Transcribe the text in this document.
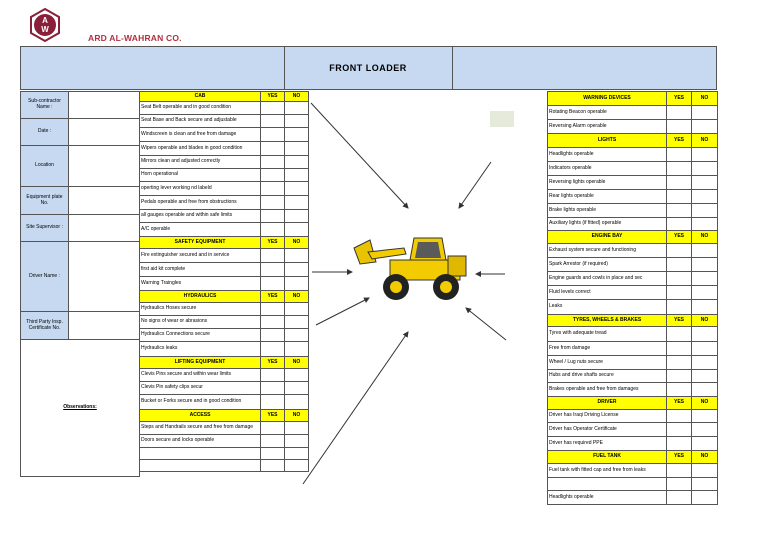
A
W
ARD AL-WAHRAN CO.
FRONT LOADER
Sub-contractor Name :	
Date :	
Location	
Equipment plate No.	
Site Supervisor :	
Driver Name :	
Third Party Insp. Certificate No.	
Observations:	
CAB	YES	NO
Seat Belt operable and in good condition		
Seat Base and Back secure and adjustable		
Windscreen is clean and free from damage		
Wipers operable and blades in good condition		
Mirrors clean and adjusted correctly		
Horn operational		
operting lever working nd labeld		
Pedals operable and free from obstructions		
all gauges operable and within safe limits		
A/C operable		
SAFETY EQUIPMENT	YES	NO
Fire extinguisher secured and in service		
first aid kit complete		
Warning Traingles		
HYDRAULICS	YES	NO
Hydraulics Hoses secure		
No signs of wear or abrasions		
Hydraulics Connections secure		
Hydraulics leaks		
LIFTING EQUIPMENT	YES	NO
Clevis Pins secure and within wear limits		
Clevis Pin safety clips secur		
Bucket or Forks secure and in good condition		
ACCESS	YES	NO
Steps and Handrails secure and free from damage		
Doors secure and locks operable		

WARNING DEVICES	YES	NO
Rotating Beacon operable		
Reversing Alarm operable		
LIGHTS	YES	NO
Headlights operable		
Indicators operable		
Reversing lights operable		
Rear lights operable		
Brake lights operable		
Auxiliary lights (if fitted) operable		
ENGINE BAY	YES	NO
Exhaust system secure and functioning		
Spark Arrestor (if required)		
Engine guards and cowls in place and sec		
Fluid levels correct		
Leaks		
TYRES, WHEELS & BRAKES	YES	NO
Tyres with adequate tread		
Free from damage		
Wheel / Lug nuts secure		
Hubs and drive shafts secure		
Brakes operable and free from damages		
DRIVER	YES	NO
Driver has Iraqi Driving License		
Driver has Operator Certificate		
Driver has required PPE		
FUEL TANK	YES	NO
Fuel tank with fitted cap and free from leaks		

Headlights operable		
